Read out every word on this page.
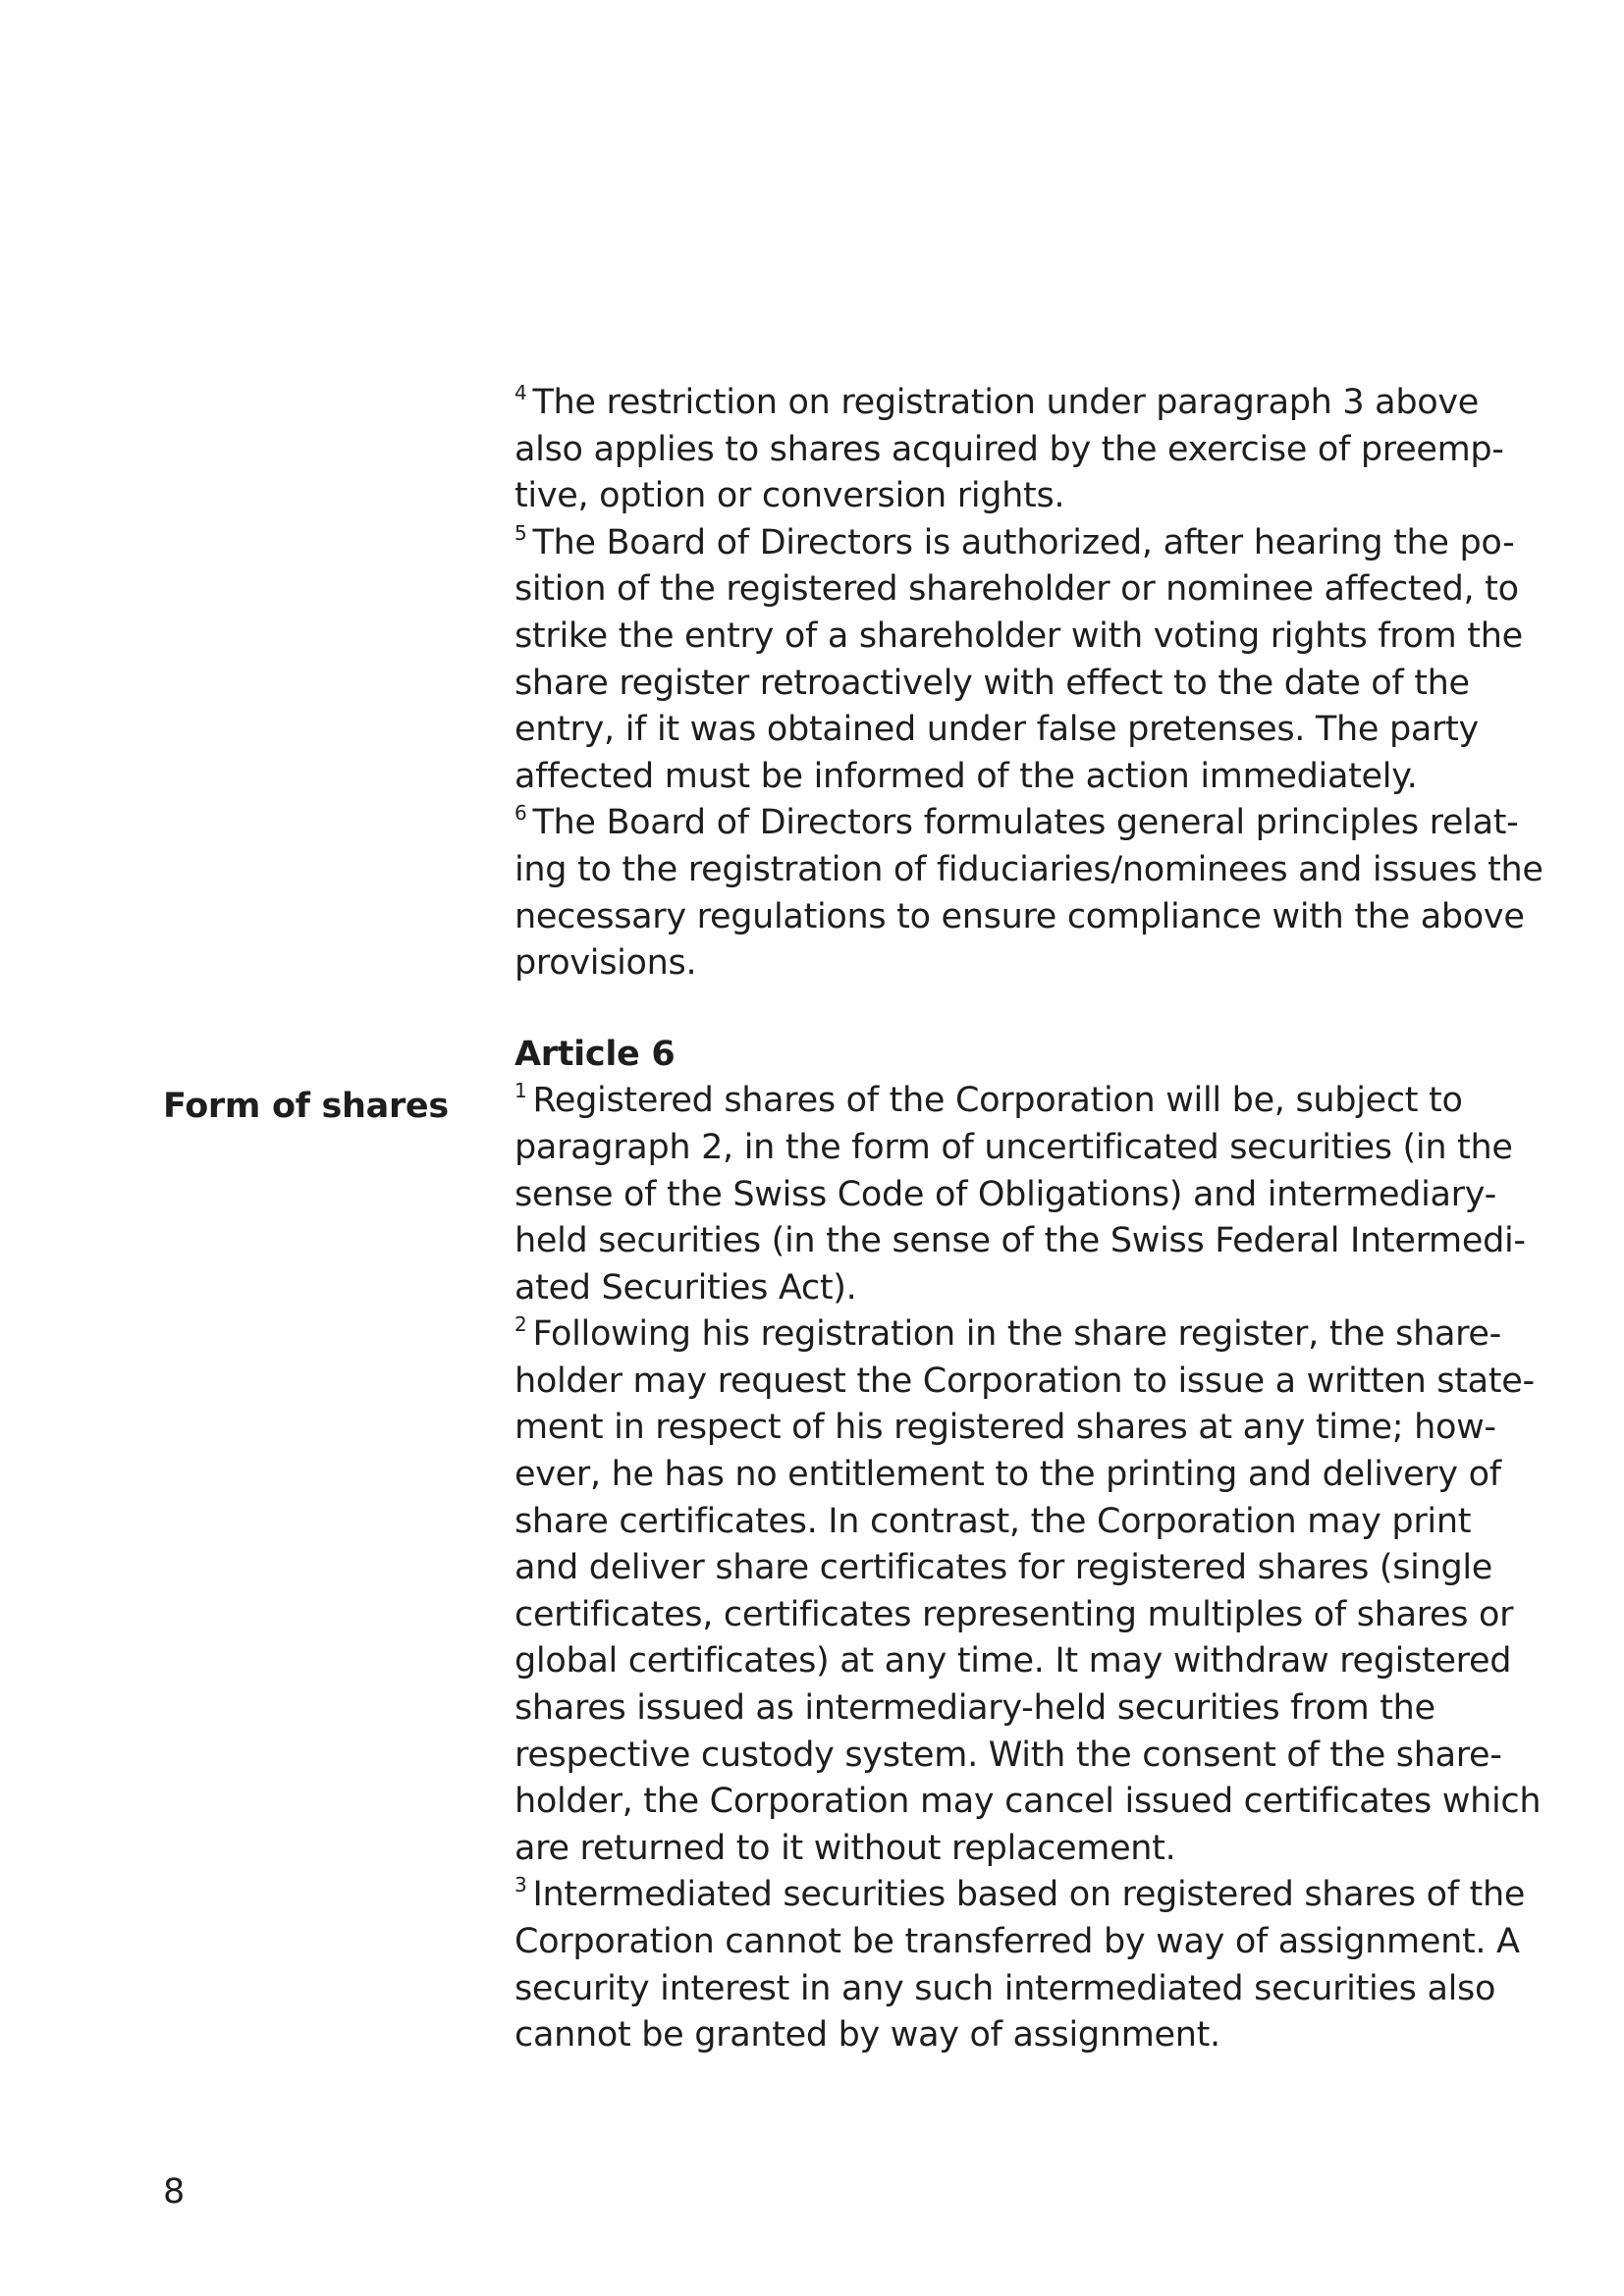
$^4$ The restriction on registration under paragraph 3 above
also applies to shares acquired by the exercise of preemp-
tive, option or conversion rights.
$^5$ The Board of Directors is authorized, after hearing the po-
sition of the registered shareholder or nominee affected, to
strike the entry of a shareholder with voting rights from the
share register retroactively with effect to the date of the
entry, if it was obtained under false pretenses. The party
affected must be informed of the action immediately.
$^6$ The Board of Directors formulates general principles relat-
ing to the registration of fiduciaries/nominees and issues the
necessary regulations to ensure compliance with the above
provisions.
Article 6
$^1$ Registered shares of the Corporation will be, subject to
paragraph 2, in the form of uncertificated securities (in the
sense of the Swiss Code of Obligations) and intermediary-
held securities (in the sense of the Swiss Federal Intermedi-
ated Securities Act).
$^2$ Following his registration in the share register, the share-
holder may request the Corporation to issue a written state-
ment in respect of his registered shares at any time; how-
ever, he has no entitlement to the printing and delivery of
share certificates. In contrast, the Corporation may print
and deliver share certificates for registered shares (single
certificates, certificates representing multiples of shares or
global certificates) at any time. It may withdraw registered
shares issued as intermediary-held securities from the
respective custody system. With the consent of the share-
holder, the Corporation may cancel issued certificates which
are returned to it without replacement.
$^3$ Intermediated securities based on registered shares of the
Corporation cannot be transferred by way of assignment. A
security interest in any such intermediated securities also
cannot be granted by way of assignment.
Form of shares
8
